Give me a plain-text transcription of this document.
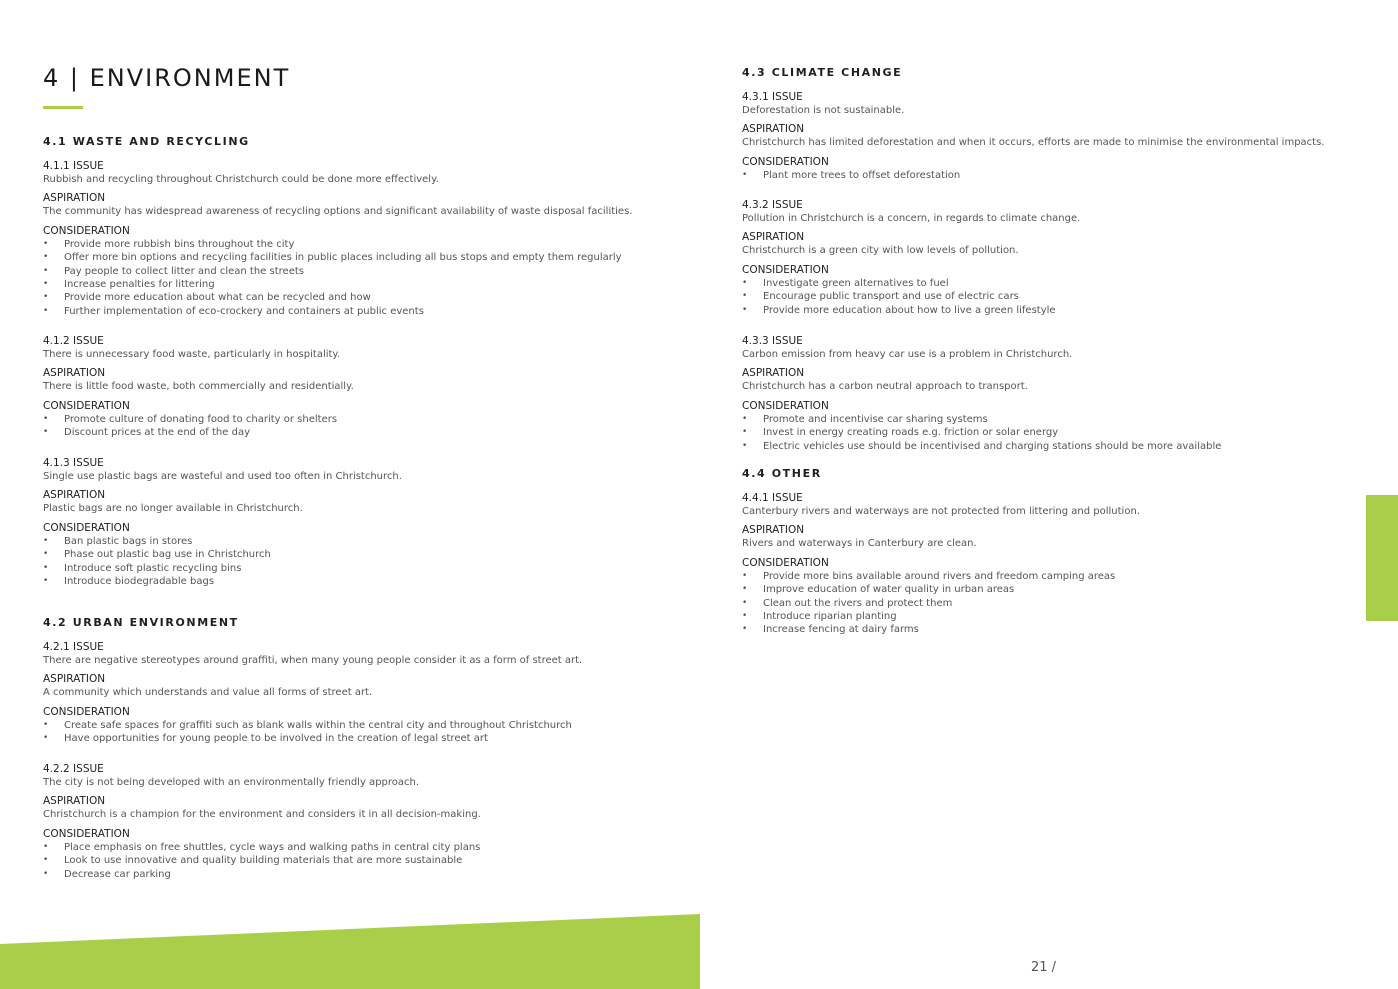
4 | ENVIRONMENT
4.1 WASTE AND RECYCLING
4.1.1 ISSUE
Rubbish and recycling throughout Christchurch could be done more effectively.
ASPIRATION
The community has widespread awareness of recycling options and significant availability of waste disposal facilities.
CONSIDERATION
• Provide more rubbish bins throughout the city
• Offer more bin options and recycling facilities in public places including all bus stops and empty them regularly
• Pay people to collect litter and clean the streets
• Increase penalties for littering
• Provide more education about what can be recycled and how
• Further implementation of eco-crockery and containers at public events
4.1.2 ISSUE
There is unnecessary food waste, particularly in hospitality.
ASPIRATION
There is little food waste, both commercially and residentially.
CONSIDERATION
• Promote culture of donating food to charity or shelters
• Discount prices at the end of the day
4.1.3 ISSUE
Single use plastic bags are wasteful and used too often in Christchurch.
ASPIRATION
Plastic bags are no longer available in Christchurch.
CONSIDERATION
• Ban plastic bags in stores
• Phase out plastic bag use in Christchurch
• Introduce soft plastic recycling bins
• Introduce biodegradable bags
4.2 URBAN ENVIRONMENT
4.2.1 ISSUE
There are negative stereotypes around graffiti, when many young people consider it as a form of street art.
ASPIRATION
A community which understands and value all forms of street art.
CONSIDERATION
• Create safe spaces for graffiti such as blank walls within the central city and throughout Christchurch
• Have opportunities for young people to be involved in the creation of legal street art
4.2.2 ISSUE
The city is not being developed with an environmentally friendly approach.
ASPIRATION
Christchurch is a champion for the environment and considers it in all decision-making.
CONSIDERATION
• Place emphasis on free shuttles, cycle ways and walking paths in central city plans
• Look to use innovative and quality building materials that are more sustainable
• Decrease car parking
4.3 CLIMATE CHANGE
4.3.1 ISSUE
Deforestation is not sustainable.
ASPIRATION
Christchurch has limited deforestation and when it occurs, efforts are made to minimise the environmental impacts.
CONSIDERATION
• Plant more trees to offset deforestation
4.3.2 ISSUE
Pollution in Christchurch is a concern, in regards to climate change.
ASPIRATION
Christchurch is a green city with low levels of pollution.
CONSIDERATION
• Investigate green alternatives to fuel
• Encourage public transport and use of electric cars
• Provide more education about how to live a green lifestyle
4.3.3 ISSUE
Carbon emission from heavy car use is a problem in Christchurch.
ASPIRATION
Christchurch has a carbon neutral approach to transport.
CONSIDERATION
• Promote and incentivise car sharing systems
• Invest in energy creating roads e.g. friction or solar energy
• Electric vehicles use should be incentivised and charging stations should be more available
4.4 OTHER
4.4.1 ISSUE
Canterbury rivers and waterways are not protected from littering and pollution.
ASPIRATION
Rivers and waterways in Canterbury are clean.
CONSIDERATION
• Provide more bins available around rivers and freedom camping areas
• Improve education of water quality in urban areas
• Clean out the rivers and protect them
• Introduce riparian planting
• Increase fencing at dairy farms
21 /
